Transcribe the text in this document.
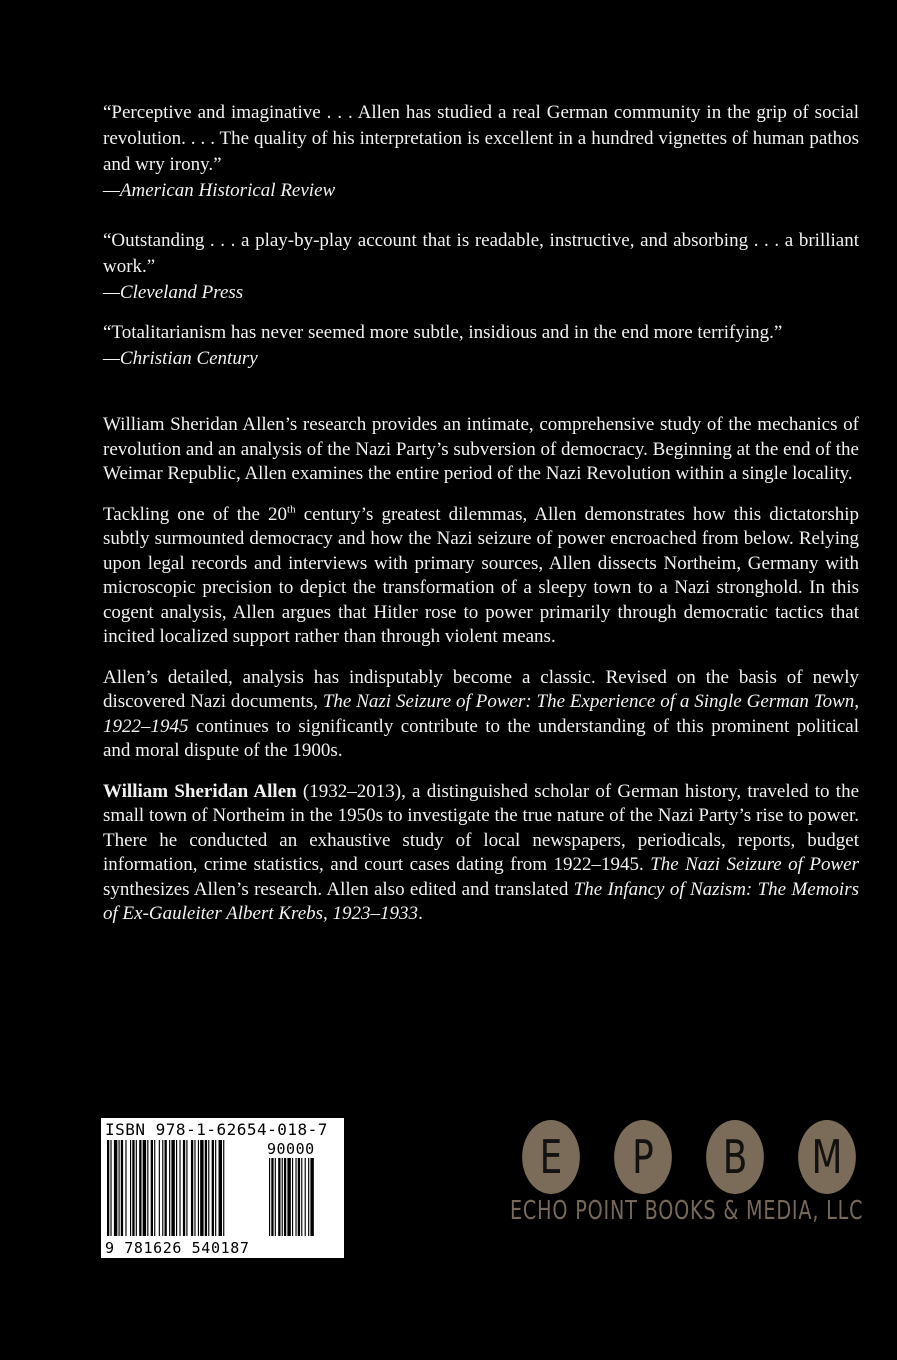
“Perceptive and imaginative . . . Allen has studied a real German community in the grip of social revolution. . . . The quality of his interpretation is excellent in a hundred vignettes of human pathos and wry irony.”
—American Historical Review
“Outstanding . . . a play-by-play account that is readable, instructive, and absorbing . . . a brilliant work.”
—Cleveland Press
“Totalitarianism has never seemed more subtle, insidious and in the end more terrifying.”
—Christian Century

William Sheridan Allen’s research provides an intimate, comprehensive study of the mechanics of revolution and an analysis of the Nazi Party’s subversion of democracy. Beginning at the end of the Weimar Republic, Allen examines the entire period of the Nazi Revolution within a single locality.

Tackling one of the 20th century’s greatest dilemmas, Allen demonstrates how this dictatorship subtly surmounted democracy and how the Nazi seizure of power encroached from below. Relying upon legal records and interviews with primary sources, Allen dissects Northeim, Germany with microscopic precision to depict the transformation of a sleepy town to a Nazi stronghold. In this cogent analysis, Allen argues that Hitler rose to power primarily through democratic tactics that incited localized support rather than through violent means.

Allen’s detailed, analysis has indisputably become a classic. Revised on the basis of newly discovered Nazi documents, The Nazi Seizure of Power: The Experience of a Single German Town, 1922–1945 continues to significantly contribute to the understanding of this prominent political and moral dispute of the 1900s.

William Sheridan Allen (1932–2013), a distinguished scholar of German history, traveled to the small town of Northeim in the 1950s to investigate the true nature of the Nazi Party’s rise to power. There he conducted an exhaustive study of local newspapers, periodicals, reports, budget information, crime statistics, and court cases dating from 1922–1945. The Nazi Seizure of Power synthesizes Allen’s research. Allen also edited and translated The Infancy of Nazism: The Memoirs of Ex-Gauleiter Albert Krebs, 1923–1933.

ISBN 978-1-62654-018-7
90000
9 781626 540187
E	P	B	M
ECHO POINT BOOKS & MEDIA, LLC
